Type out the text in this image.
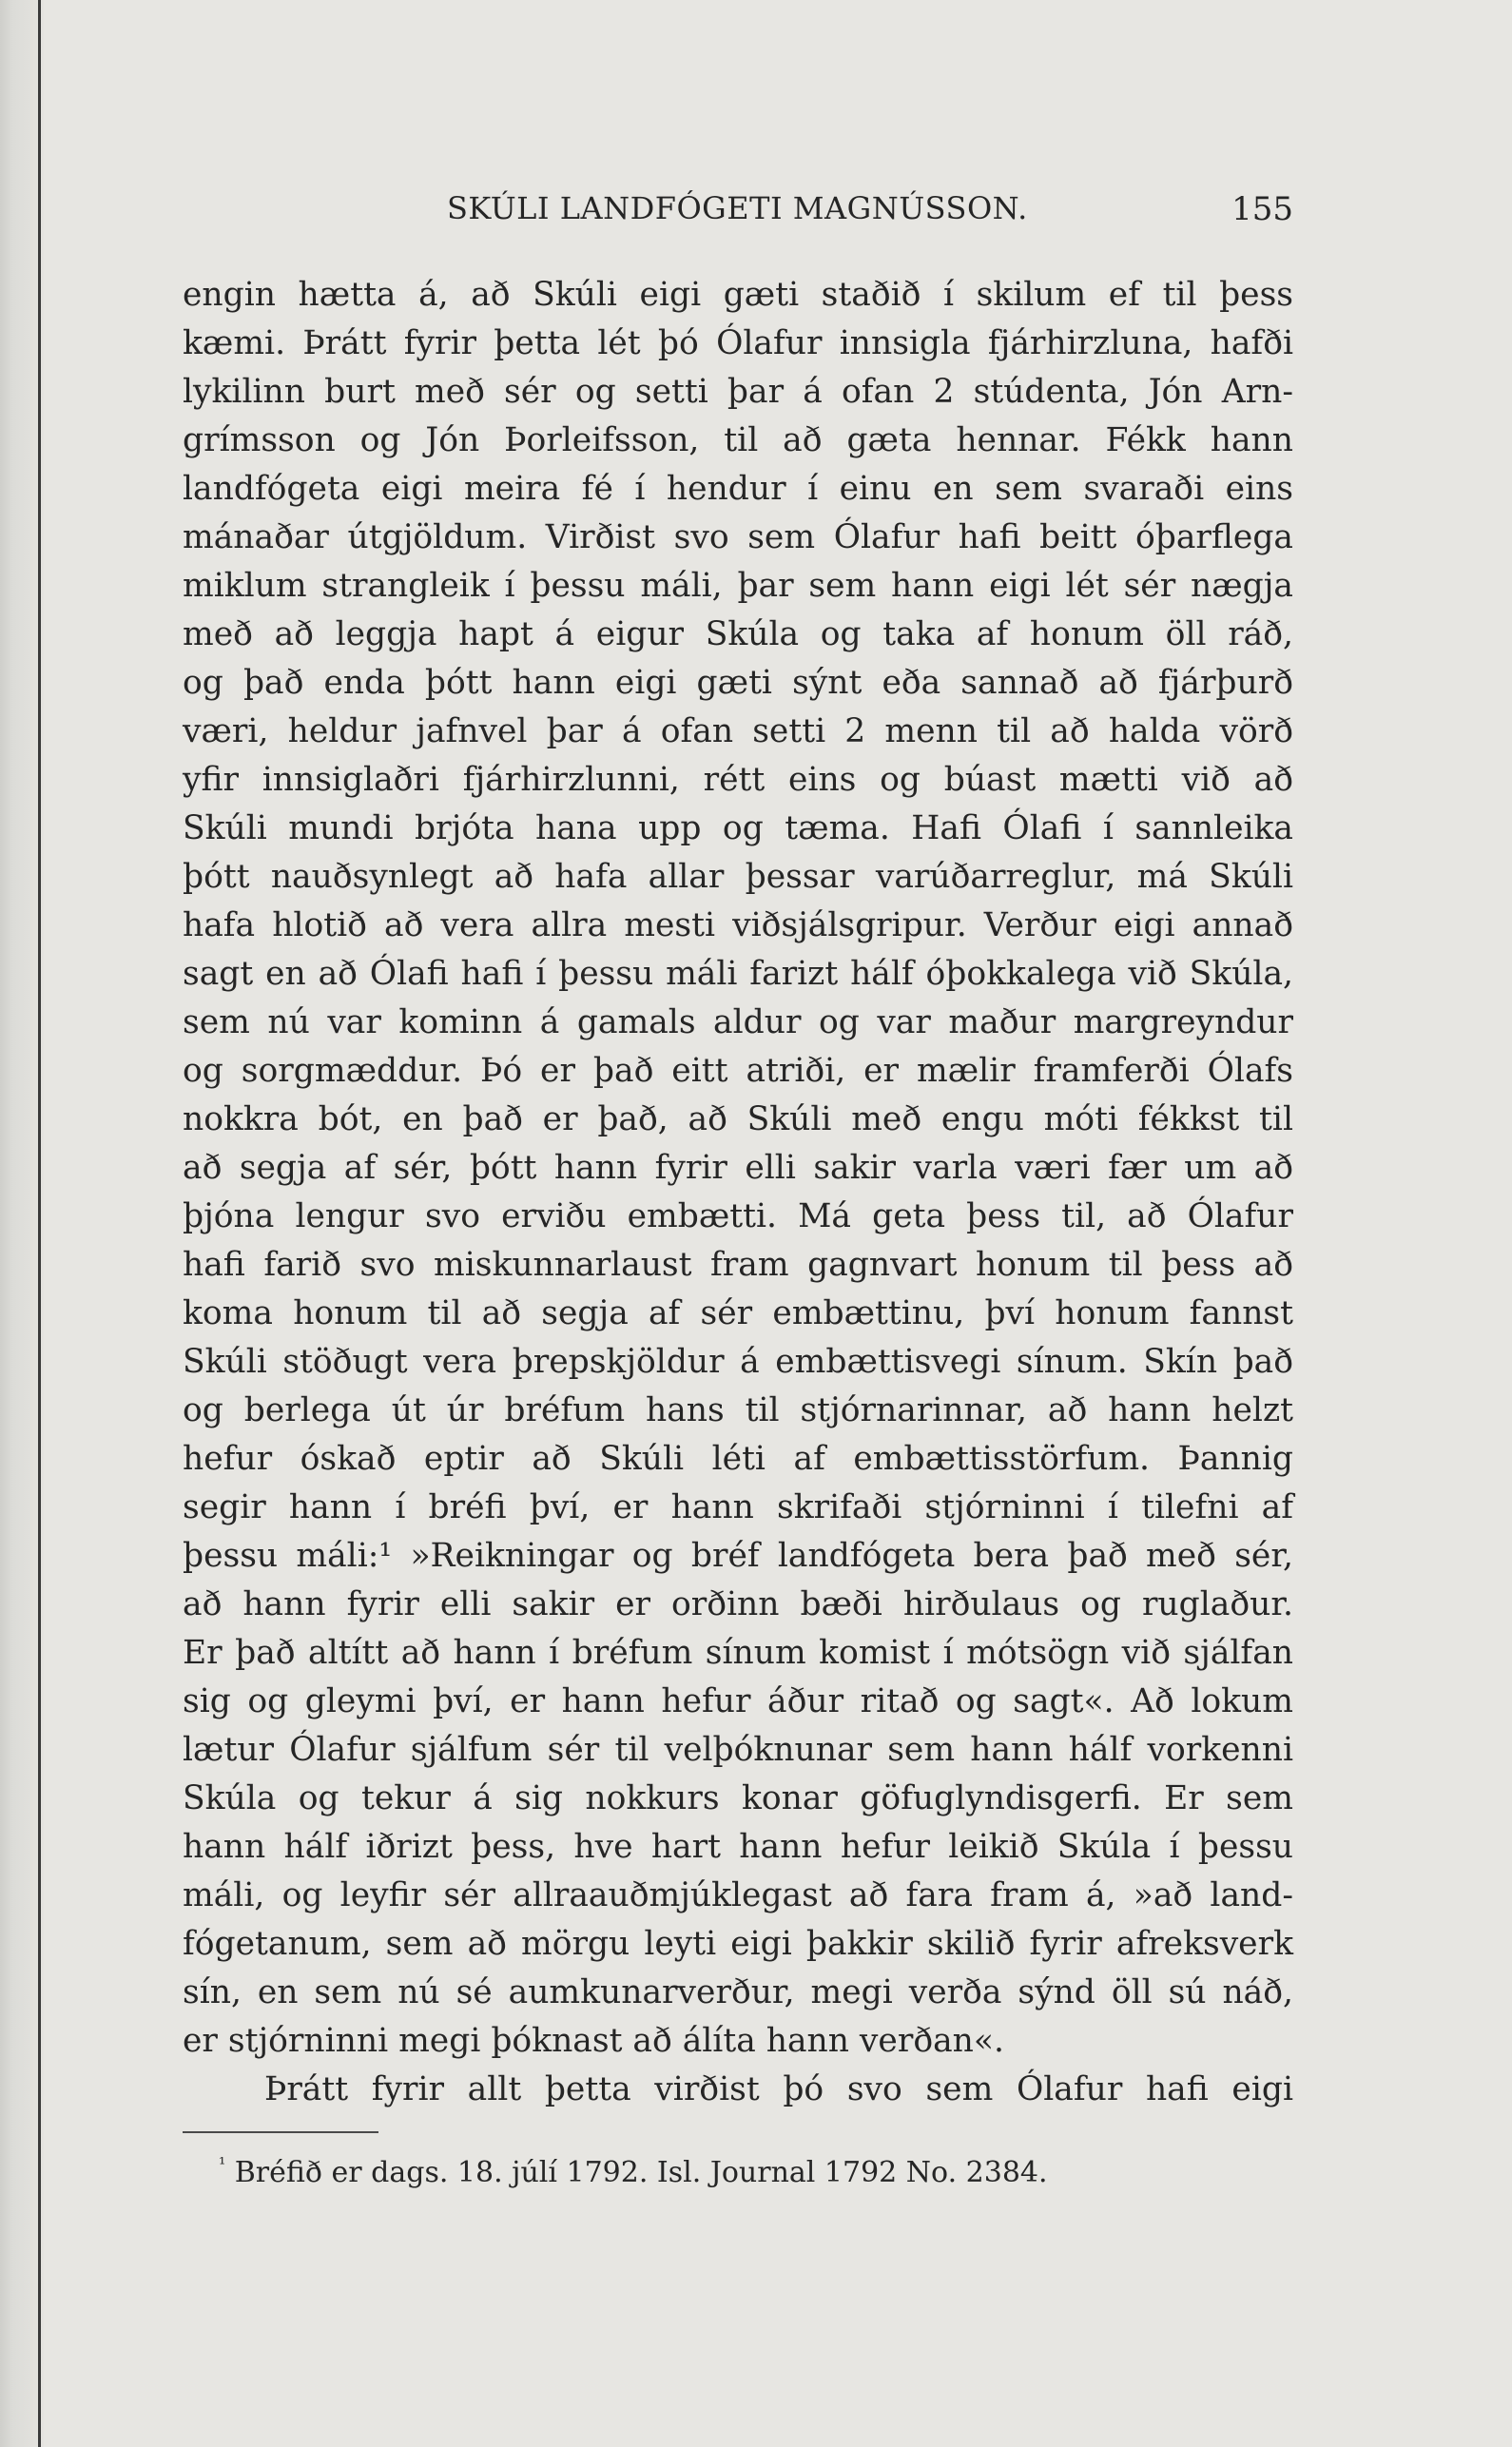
SKÚLI LANDFÓGETI MAGNÚSSON.	155
engin hætta á, að Skúli eigi gæti staðið í skilum ef til þess
kæmi. Þrátt fyrir þetta lét þó Ólafur innsigla fjárhirzluna, hafði
lykilinn burt með sér og setti þar á ofan 2 stúdenta, Jón Arn-
grímsson og Jón Þorleifsson, til að gæta hennar. Fékk hann
landfógeta eigi meira fé í hendur í einu en sem svaraði eins
mánaðar útgjöldum. Virðist svo sem Ólafur hafi beitt óþarflega
miklum strangleik í þessu máli, þar sem hann eigi lét sér nægja
með að leggja hapt á eigur Skúla og taka af honum öll ráð,
og það enda þótt hann eigi gæti sýnt eða sannað að fjárþurð
væri, heldur jafnvel þar á ofan setti 2 menn til að halda vörð
yfir innsiglaðri fjárhirzlunni, rétt eins og búast mætti við að
Skúli mundi brjóta hana upp og tæma. Hafi Ólafi í sannleika
þótt nauðsynlegt að hafa allar þessar varúðarreglur, má Skúli
hafa hlotið að vera allra mesti viðsjálsgripur. Verður eigi annað
sagt en að Ólafi hafi í þessu máli farizt hálf óþokkalega við Skúla,
sem nú var kominn á gamals aldur og var maður margreyndur
og sorgmæddur. Þó er það eitt atriði, er mælir framferði Ólafs
nokkra bót, en það er það, að Skúli með engu móti fékkst til
að segja af sér, þótt hann fyrir elli sakir varla væri fær um að
þjóna lengur svo erviðu embætti. Má geta þess til, að Ólafur
hafi farið svo miskunnarlaust fram gagnvart honum til þess að
koma honum til að segja af sér embættinu, því honum fannst
Skúli stöðugt vera þrepskjöldur á embættisvegi sínum. Skín það
og berlega út úr bréfum hans til stjórnarinnar, að hann helzt
hefur óskað eptir að Skúli léti af embættisstörfum. Þannig
segir hann í bréfi því, er hann skrifaði stjórninni í tilefni af
þessu máli:¹ »Reikningar og bréf landfógeta bera það með sér,
að hann fyrir elli sakir er orðinn bæði hirðulaus og ruglaður.
Er það altítt að hann í bréfum sínum komist í mótsögn við sjálfan
sig og gleymi því, er hann hefur áður ritað og sagt«. Að lokum
lætur Ólafur sjálfum sér til velþóknunar sem hann hálf vorkenni
Skúla og tekur á sig nokkurs konar göfuglyndisgerfi. Er sem
hann hálf iðrizt þess, hve hart hann hefur leikið Skúla í þessu
máli, og leyfir sér allraauðmjúklegast að fara fram á, »að land-
fógetanum, sem að mörgu leyti eigi þakkir skilið fyrir afreksverk
sín, en sem nú sé aumkunarverður, megi verða sýnd öll sú náð,
er stjórninni megi þóknast að álíta hann verðan«.
Þrátt fyrir allt þetta virðist þó svo sem Ólafur hafi eigi
$^{^1}$ Bréfið er dags. 18. júlí 1792. Isl. Journal 1792 No. 2384.
